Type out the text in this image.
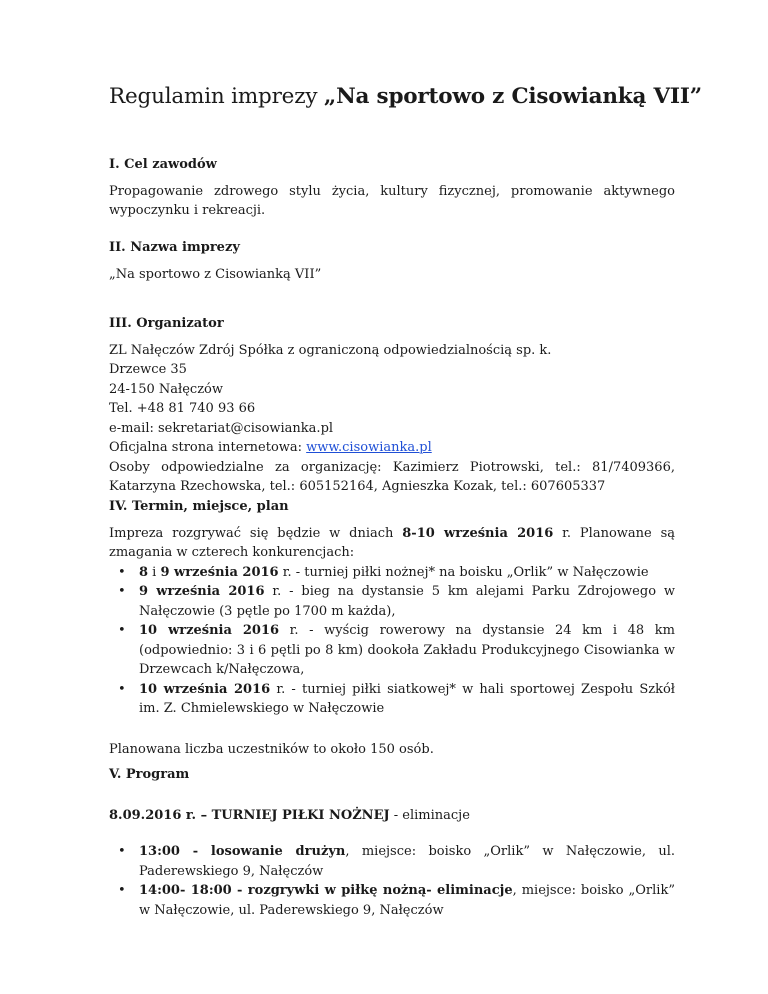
Regulamin imprezy „Na sportowo z Cisowianką VII”

I. Cel zawodów

Propagowanie zdrowego stylu życia, kultury fizycznej, promowanie aktywnego wypoczynku i rekreacji.

II. Nazwa imprezy

„Na sportowo z Cisowianką VII”

III. Organizator

ZL Nałęczów Zdrój Spółka z ograniczoną odpowiedzialnością sp. k.

Drzewce 35

24-150 Nałęczów

Tel. +48 81 740 93 66

e-mail: sekretariat@cisowianka.pl

Oficjalna strona internetowa: www.cisowianka.pl

Osoby odpowiedzialne za organizację: Kazimierz Piotrowski, tel.: 81/7409366, Katarzyna Rzechowska, tel.: 605152164, Agnieszka Kozak, tel.: 607605337

IV. Termin, miejsce, plan

Impreza rozgrywać się będzie w dniach 8-10 września 2016 r. Planowane są zmagania w czterech konkurencjach:

• 8 i 9 września 2016 r. - turniej piłki nożnej* na boisku „Orlik” w Nałęczowie

• 9 września 2016 r. - bieg na dystansie 5 km alejami Parku Zdrojowego w Nałęczowie (3 pętle po 1700 m każda),

• 10 września 2016 r. - wyścig rowerowy na dystansie 24 km i 48 km (odpowiednio: 3 i 6 pętli po 8 km) dookoła Zakładu Produkcyjnego Cisowianka w Drzewcach k/Nałęczowa,

• 10 września 2016 r. - turniej piłki siatkowej* w hali sportowej Zespołu Szkół im. Z. Chmielewskiego w Nałęczowie

Planowana liczba uczestników to około 150 osób.

V. Program

8.09.2016 r. – TURNIEJ PIŁKI NOŻNEJ - eliminacje

• 13:00 - losowanie drużyn, miejsce: boisko „Orlik” w Nałęczowie, ul. Paderewskiego 9, Nałęczów

• 14:00- 18:00 - rozgrywki w piłkę nożną- eliminacje, miejsce: boisko „Orlik” w Nałęczowie, ul. Paderewskiego 9, Nałęczów
